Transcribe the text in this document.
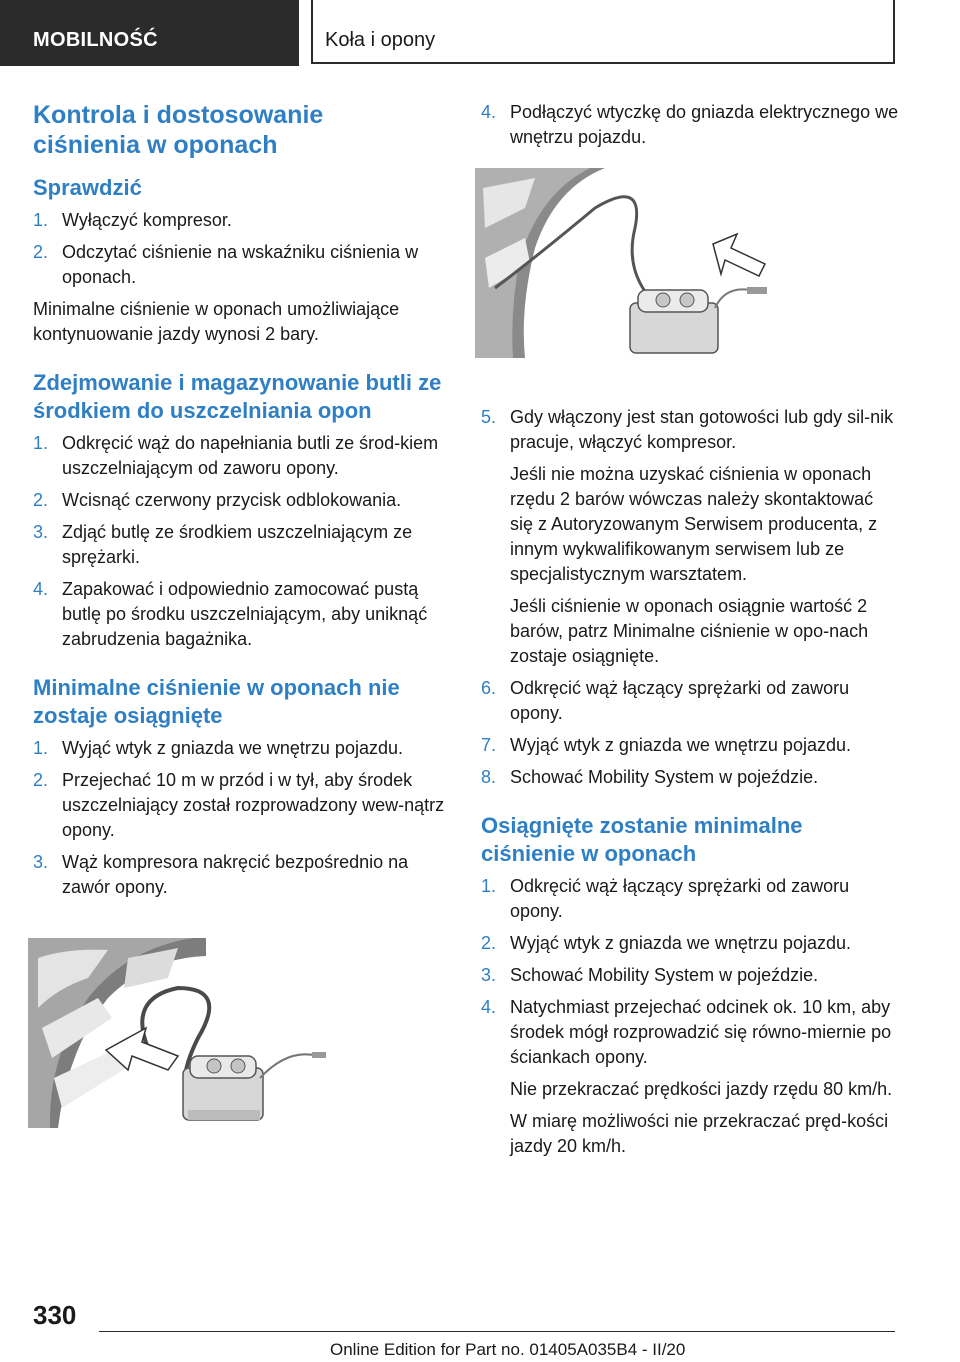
MOBILNOŚĆ	Koła i opony
Kontrola i dostosowanie ciśnienia w oponach
Sprawdzić
1. Wyłączyć kompresor.
2. Odczytać ciśnienie na wskaźniku ciśnienia w oponach.

Minimalne ciśnienie w oponach umożliwiające kontynuowanie jazdy wynosi 2 bary.

Zdejmowanie i magazynowanie butli ze środkiem do uszczelniania opon
1. Odkręcić wąż do napełniania butli ze środ-kiem uszczelniającym od zaworu opony.
2. Wcisnąć czerwony przycisk odblokowania.
3. Zdjąć butlę ze środkiem uszczelniającym ze sprężarki.
4. Zapakować i odpowiednio zamocować pustą butlę po środku uszczelniającym, aby uniknąć zabrudzenia bagażnika.
Minimalne ciśnienie w oponach nie zostaje osiągnięte
1. Wyjąć wtyk z gniazda we wnętrzu pojazdu.
2. Przejechać 10 m w przód i w tył, aby środek uszczelniający został rozprowadzony wew-nątrz opony.
3. Wąż kompresora nakręcić bezpośrednio na zawór opony.
4. Podłączyć wtyczkę do gniazda elektrycznego we wnętrzu pojazdu.
5. Gdy włączony jest stan gotowości lub gdy sil-nik pracuje, włączyć kompresor.

Jeśli nie można uzyskać ciśnienia w oponach rzędu 2 barów wówczas należy skontaktować się z Autoryzowanym Serwisem producenta, z innym wykwalifikowanym serwisem lub ze specjalistycznym warsztatem.

Jeśli ciśnienie w oponach osiągnie wartość 2 barów, patrz Minimalne ciśnienie w opo-nach zostaje osiągnięte.

6. Odkręcić wąż łączący sprężarki od zaworu opony.
7. Wyjąć wtyk z gniazda we wnętrzu pojazdu.
8. Schować Mobility System w pojeździe.
Osiągnięte zostanie minimalne ciśnienie w oponach
1. Odkręcić wąż łączący sprężarki od zaworu opony.
2. Wyjąć wtyk z gniazda we wnętrzu pojazdu.
3. Schować Mobility System w pojeździe.
4. Natychmiast przejechać odcinek ok. 10 km, aby środek mógł rozprowadzić się równo-miernie po ściankach opony.

Nie przekraczać prędkości jazdy rzędu 80 km/h.

W miarę możliwości nie przekraczać pręd-kości jazdy 20 km/h.

330
Online Edition for Part no. 01405A035B4 - II/20
